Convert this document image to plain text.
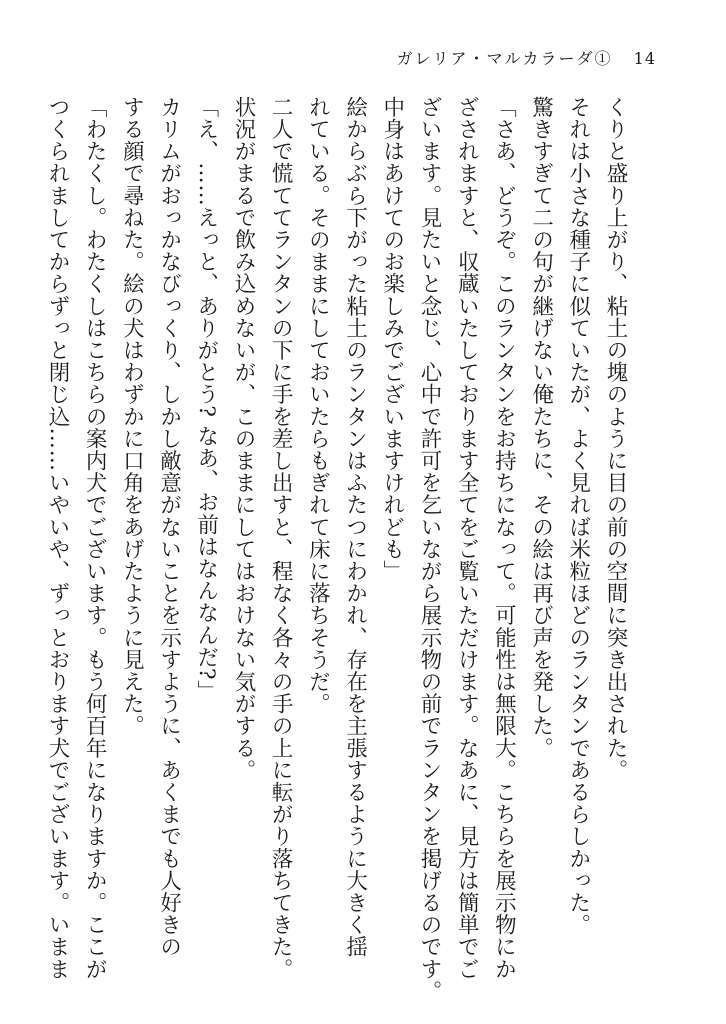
ガレリア・マルカラーダ① 14
くりと盛り上がり、粘土の塊のように目の前の空間に突き出された。
それは小さな種子に似ていたが、よく見れば米粒ほどのランタンであるらしかった。
驚きすぎて二の句が継げない俺たちに、その絵は再び声を発した。
「さあ、どうぞ。このランタンをお持ちになって。可能性は無限大。こちらを展示物にか
ざされますと、収蔵いたしております全てをご覧いただけます。なあに、見方は簡単でご
ざいます。見たいと念じ、心中で許可を乞いながら展示物の前でランタンを掲げるのです。
中身はあけてのお楽しみでございますけれども」
絵からぶら下がった粘土のランタンはふたつにわかれ、存在を主張するように大きく揺
れている。そのままにしておいたらもぎれて床に落ちそうだ。
二人で慌ててランタンの下に手を差し出すと、程なく各々の手の上に転がり落ちてきた。
状況がまるで飲み込めないが、このままにしてはおけない気がする。
「え、……えっと、ありがとう? なあ、お前はなんなんだ?」
カリムがおっかなびっくり、しかし敵意がないことを示すように、あくまでも人好きの
する顔で尋ねた。絵の犬はわずかに口角をあげたように見えた。
「わたくし。わたくしはこちらの案内犬でございます。もう何百年になりますか。ここが
つくられましてからずっと閉じ込……いやいや、ずっとおります犬でございます。いまま
